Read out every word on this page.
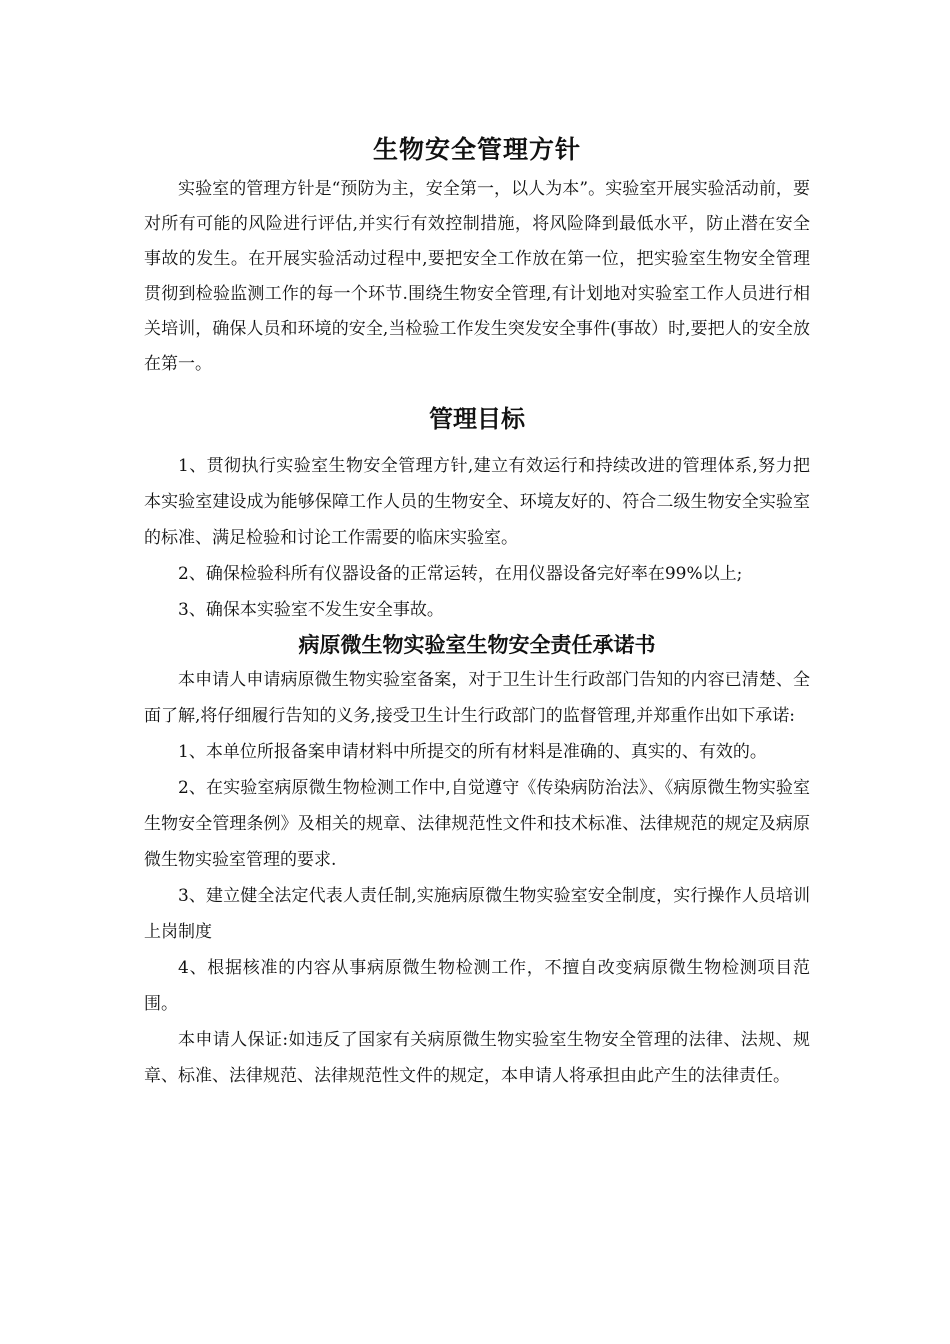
生物安全管理方针

实验室的管理方针是“预防为主，安全第一，以人为本”。实验室开展实验活动前，要对所有可能的风险进行评估,并实行有效控制措施，将风险降到最低水平，防止潜在安全事故的发生。在开展实验活动过程中,要把安全工作放在第一位，把实验室生物安全管理贯彻到检验监测工作的每一个环节.围绕生物安全管理,有计划地对实验室工作人员进行相关培训，确保人员和环境的安全,当检验工作发生突发安全事件(事故）时,要把人的安全放在第一。

管理目标

1、贯彻执行实验室生物安全管理方针,建立有效运行和持续改进的管理体系,努力把本实验室建设成为能够保障工作人员的生物安全、环境友好的、符合二级生物安全实验室的标准、满足检验和讨论工作需要的临床实验室。

2、确保检验科所有仪器设备的正常运转，在用仪器设备完好率在99%以上;

3、确保本实验室不发生安全事故。

病原微生物实验室生物安全责任承诺书

本申请人申请病原微生物实验室备案，对于卫生计生行政部门告知的内容已清楚、全面了解,将仔细履行告知的义务,接受卫生计生行政部门的监督管理,并郑重作出如下承诺:

1、本单位所报备案申请材料中所提交的所有材料是准确的、真实的、有效的。

2、在实验室病原微生物检测工作中,自觉遵守《传染病防治法》、《病原微生物实验室生物安全管理条例》及相关的规章、法律规范性文件和技术标准、法律规范的规定及病原微生物实验室管理的要求.

3、建立健全法定代表人责任制,实施病原微生物实验室安全制度，实行操作人员培训上岗制度

4、根据核准的内容从事病原微生物检测工作，不擅自改变病原微生物检测项目范围。

本申请人保证:如违反了国家有关病原微生物实验室生物安全管理的法律、法规、规章、标准、法律规范、法律规范性文件的规定，本申请人将承担由此产生的法律责任。
